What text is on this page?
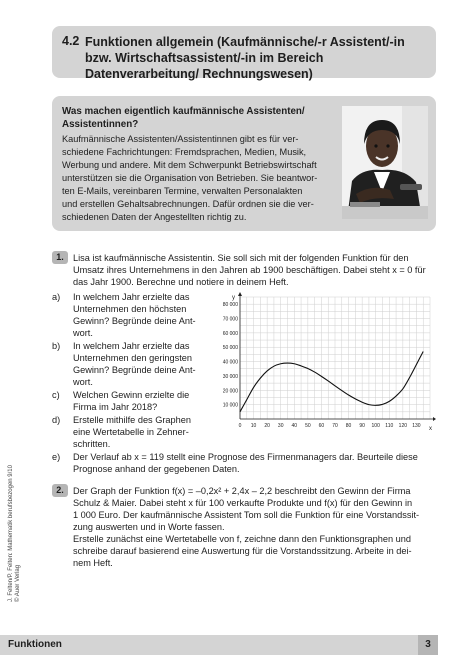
4.2 Funktionen allgemein (Kaufmännische/-r Assistent/-in bzw. Wirtschaftsassistent/-in im Bereich Datenverarbeitung/ Rechnungswesen)
Was machen eigentlich kaufmännische Assistenten/ Assistentinnen?
Kaufmännische Assistenten/Assistentinnen gibt es für ver-
schiedene Fachrichtungen: Fremdsprachen, Medien, Musik,
Werbung und andere. Mit dem Schwerpunkt Betriebswirtschaft
unterstützen sie die Organisation von Betrieben. Sie beantwor-
ten E-Mails, vereinbaren Termine, verwalten Personalakten
und erstellen Gehaltsabrechnungen. Dafür ordnen sie die ver-
schiedenen Daten der Angestellten richtig zu.
1.	Lisa ist kaufmännische Assistentin. Sie soll sich mit der folgenden Funktion für den
Umsatz ihres Unternehmens in den Jahren ab 1900 beschäftigen. Dabei steht x = 0 für
das Jahr 1900. Berechne und notiere in deinem Heft.
a) In welchem Jahr erzielte das
Unternehmen den höchsten
Gewinn? Begründe deine Ant-
wort.
b) In welchem Jahr erzielte das
Unternehmen den geringsten
Gewinn? Begründe deine Ant-
wort.
c) Welchen Gewinn erzielte die
Firma im Jahr 2018?
d) Erstelle mithilfe des Graphen
eine Wertetabelle in Zehner-
schritten.
e) Der Verlauf ab x = 119 stellt eine Prognose des Firmenmanagers dar. Beurteile diese
Prognose anhand der gegebenen Daten.
x
y
0 10 20 30 40 50 60 70 80 90 100 110 120 130
10 000
20 000
30 000
40 000
50 000
60 000
70 000
80 000
2.	Der Graph der Funktion f(x) = –0,2x² + 2,4x – 2,2 beschreibt den Gewinn der Firma
Schulz & Maier. Dabei steht x für 100 verkaufte Produkte und f(x) für den Gewinn in
1 000 Euro. Der kaufmännische Assistent Tom soll die Funktion für eine Vorstandssit-
zung auswerten und in Worte fassen.
Erstelle zunächst eine Wertetabelle von f, zeichne dann den Funktionsgraphen und
schreibe darauf basierend eine Auswertung für die Vorstandssitzung. Arbeite in dei-
nem Heft.
J. Felten/P. Felten: Mathematik berufsbezogen 9/10 © Auer Verlag
Funktionen	3
